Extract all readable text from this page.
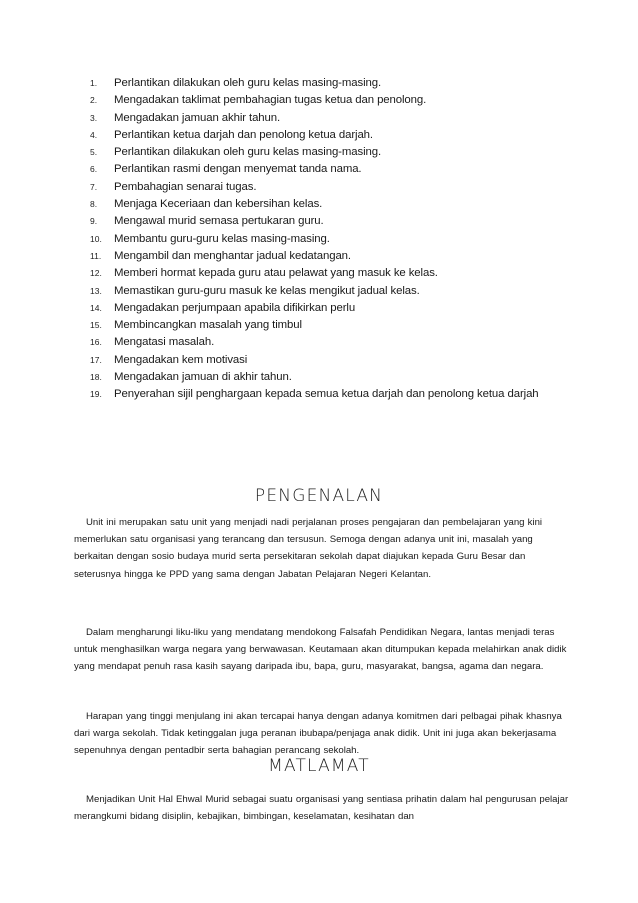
1.	Perlantikan dilakukan oleh guru kelas masing-masing.
2.	Mengadakan taklimat pembahagian tugas ketua dan penolong.
3.	Mengadakan jamuan akhir tahun.
4.	Perlantikan ketua darjah dan penolong ketua darjah.
5.	Perlantikan dilakukan oleh guru kelas masing-masing.
6.	Perlantikan rasmi dengan menyemat tanda nama.
7.	Pembahagian senarai tugas.
8.	Menjaga Keceriaan dan kebersihan kelas.
9.	Mengawal murid semasa pertukaran guru.
10.	Membantu guru-guru kelas masing-masing.
11.	Mengambil dan menghantar jadual kedatangan.
12.	Memberi hormat kepada guru atau pelawat yang masuk ke kelas.
13.	Memastikan guru-guru masuk ke kelas mengikut jadual kelas.
14.	Mengadakan perjumpaan apabila difikirkan perlu
15.	Membincangkan masalah yang timbul
16.	Mengatasi masalah.
17.	Mengadakan kem motivasi
18.	Mengadakan jamuan di akhir tahun.
19.	Penyerahan sijil penghargaan kepada semua ketua darjah dan penolong ketua darjah
PENGENALAN

Unit ini merupakan satu unit yang menjadi nadi perjalanan proses pengajaran dan pembelajaran yang kini memerlukan satu organisasi yang terancang dan tersusun. Semoga dengan adanya unit ini, masalah yang berkaitan dengan sosio budaya murid serta persekitaran sekolah dapat diajukan kepada Guru Besar dan seterusnya hingga ke PPD yang sama dengan Jabatan Pelajaran Negeri Kelantan.

Dalam mengharungi liku-liku yang mendatang mendokong Falsafah Pendidikan Negara, lantas menjadi teras untuk menghasilkan warga negara yang berwawasan. Keutamaan akan ditumpukan kepada melahirkan anak didik yang mendapat penuh rasa kasih sayang daripada ibu, bapa, guru, masyarakat, bangsa, agama dan negara.

Harapan yang tinggi menjulang ini akan tercapai hanya dengan adanya komitmen dari pelbagai pihak khasnya dari warga sekolah. Tidak ketinggalan juga peranan ibubapa/penjaga anak didik. Unit ini juga akan bekerjasama sepenuhnya dengan pentadbir serta bahagian perancang sekolah.

MATLAMAT

Menjadikan Unit Hal Ehwal Murid sebagai suatu organisasi yang sentiasa prihatin dalam hal pengurusan pelajar merangkumi bidang disiplin, kebajikan, bimbingan, keselamatan, kesihatan dan
